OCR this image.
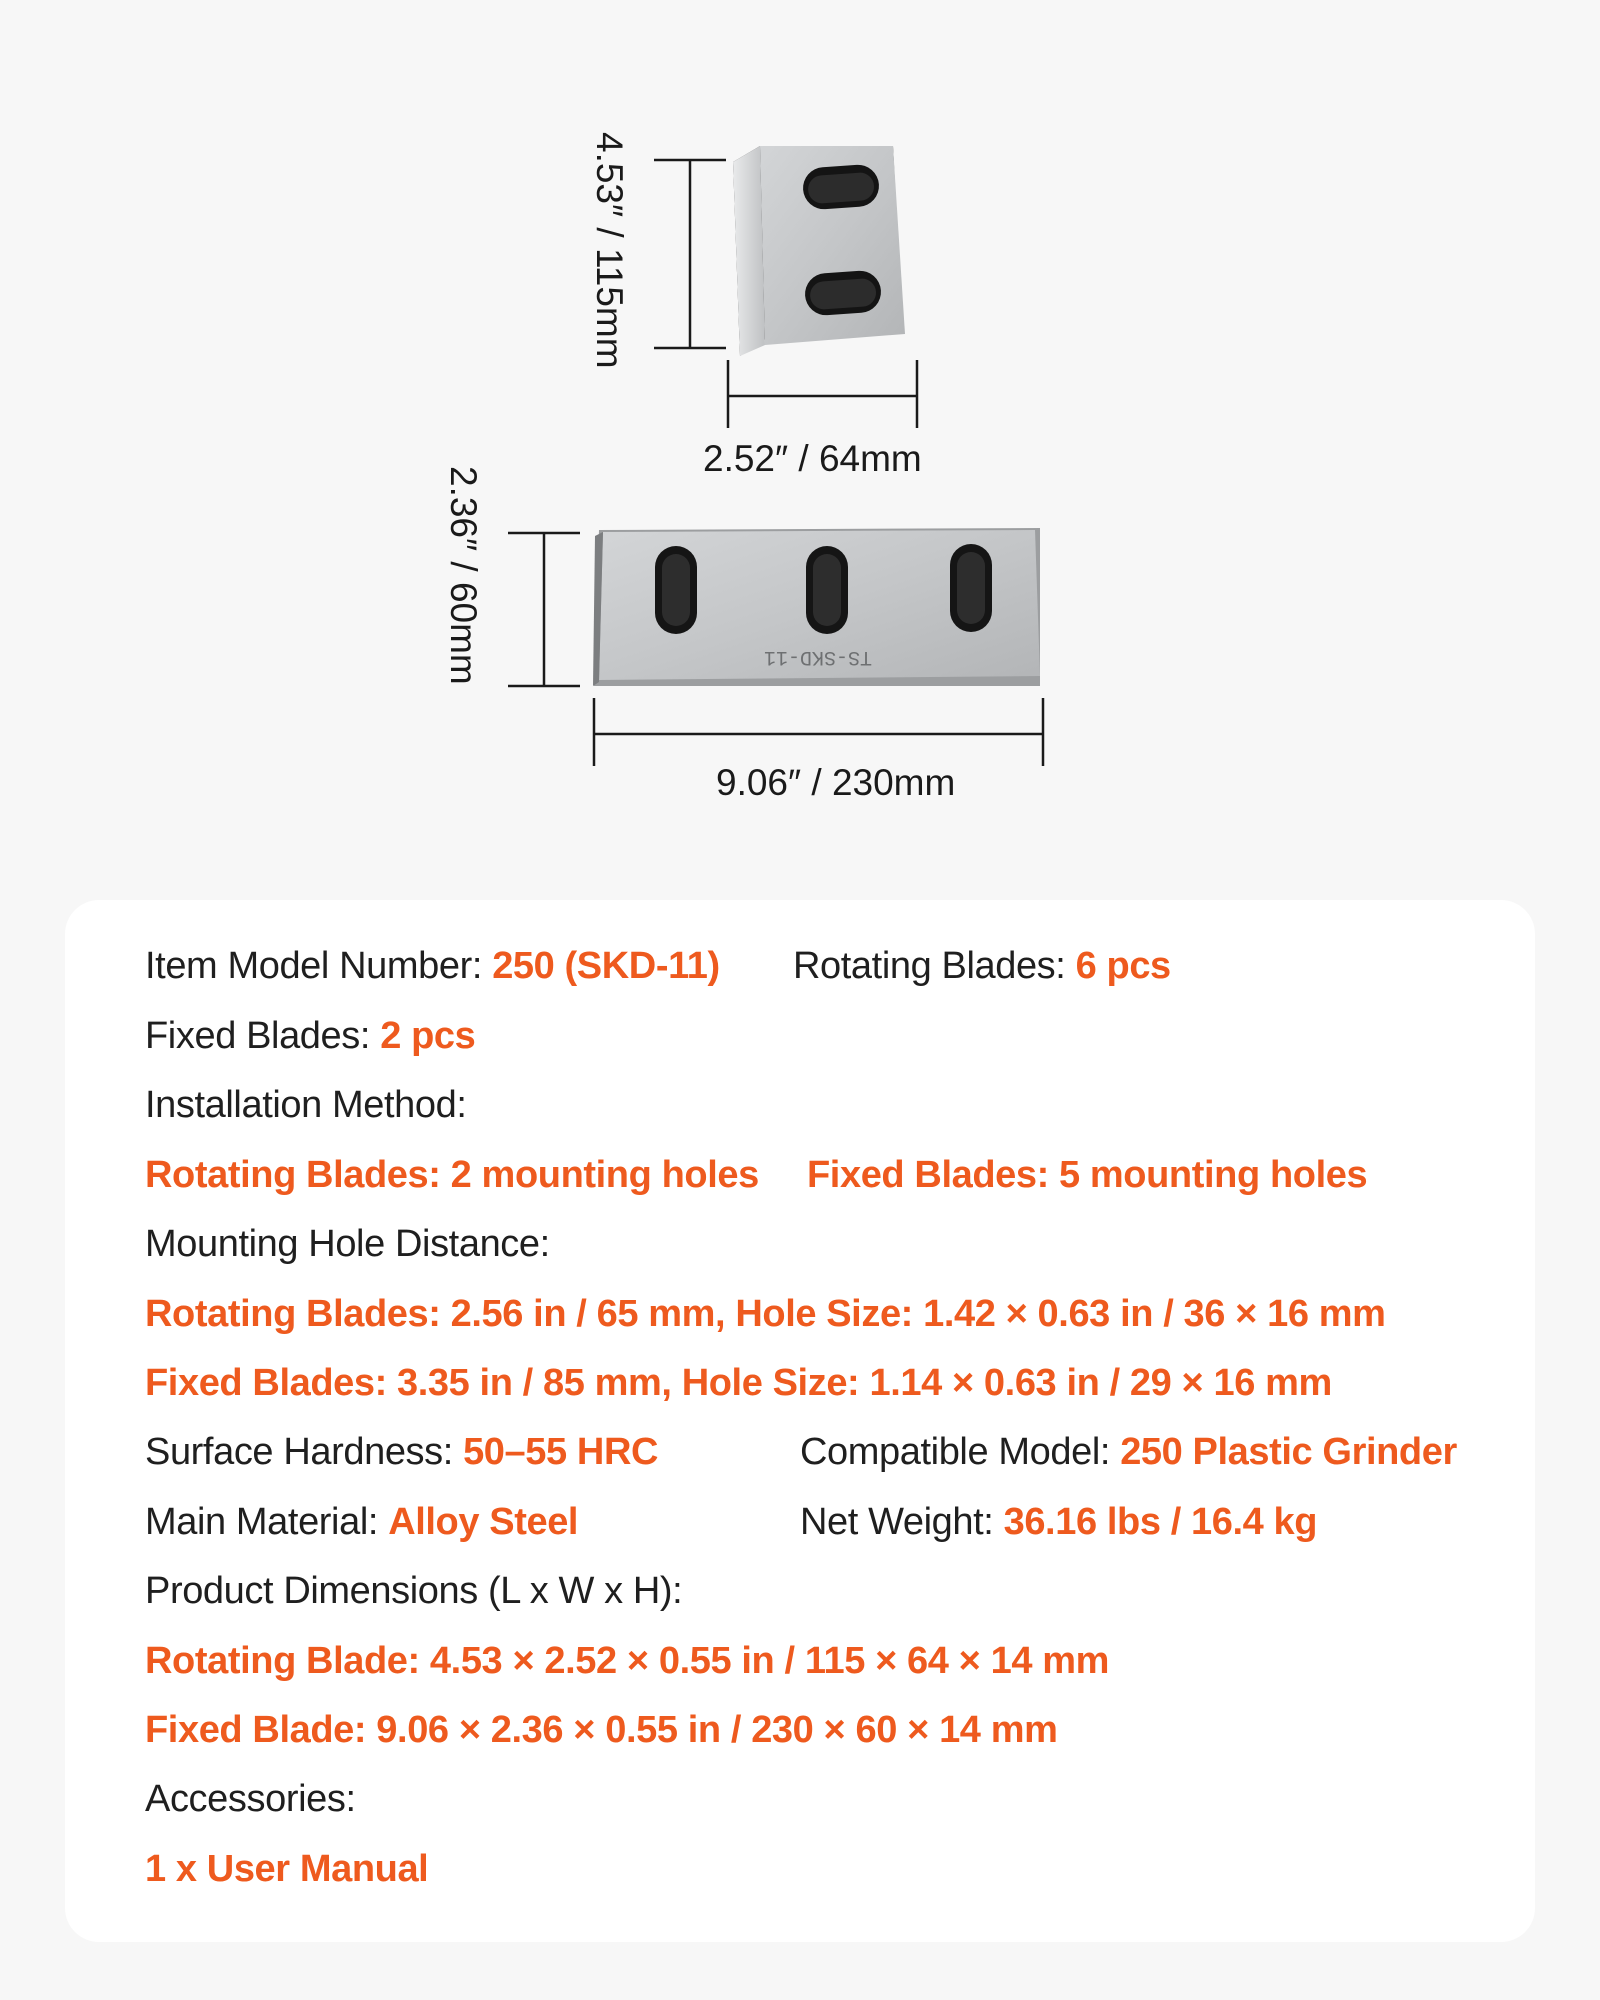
TS-SKD-11
4.53″ / 115mm
2.52″ / 64mm
2.36″ / 60mm
9.06″ / 230mm
Item Model Number: 250 (SKD-11) Rotating Blades: 6 pcs
Fixed Blades: 2 pcs
Installation Method:
Rotating Blades: 2 mounting holes Fixed Blades: 5 mounting holes
Mounting Hole Distance:
Rotating Blades: 2.56 in / 65 mm, Hole Size: 1.42 × 0.63 in / 36 × 16 mm
Fixed Blades: 3.35 in / 85 mm, Hole Size: 1.14 × 0.63 in / 29 × 16 mm
Surface Hardness: 50–55 HRC	Compatible Model: 250 Plastic Grinder
Main Material: Alloy Steel	Net Weight: 36.16 lbs / 16.4 kg
Product Dimensions (L x W x H):
Rotating Blade: 4.53 × 2.52 × 0.55 in / 115 × 64 × 14 mm
Fixed Blade: 9.06 × 2.36 × 0.55 in / 230 × 60 × 14 mm
Accessories:
1 x User Manual
